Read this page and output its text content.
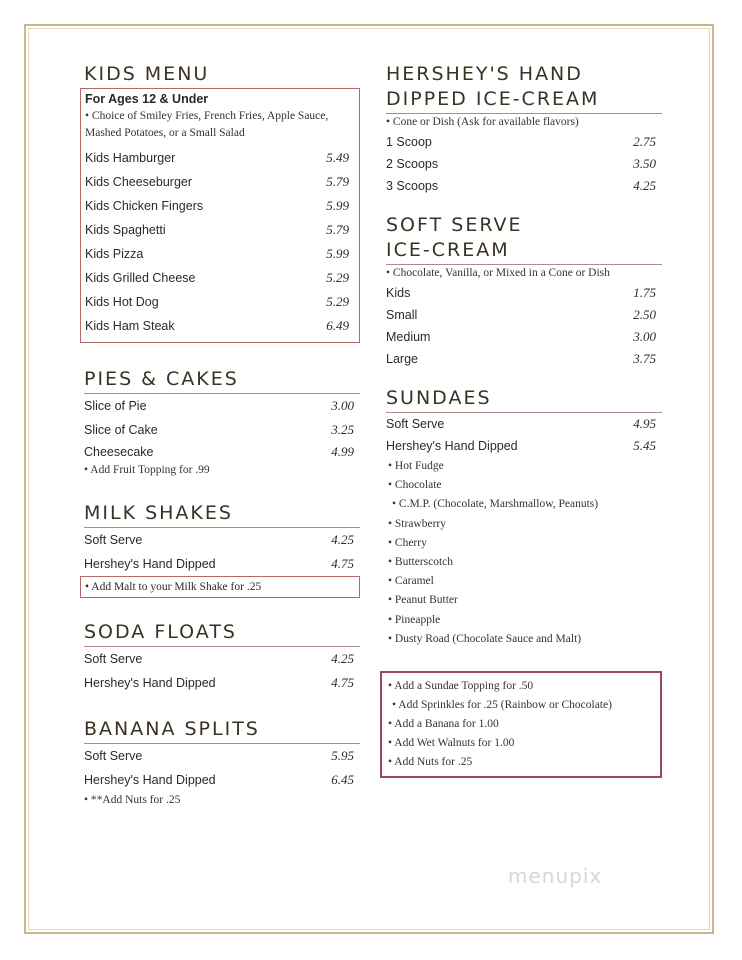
KIDS MENU
For Ages 12 & Under
• Choice of Smiley Fries, French Fries, Apple Sauce, Mashed Potatoes, or a Small Salad
Kids Hamburger	5.49
Kids Cheeseburger	5.79
Kids Chicken Fingers	5.99
Kids Spaghetti	5.79
Kids Pizza	5.99
Kids Grilled Cheese	5.29
Kids Hot Dog	5.29
Kids Ham Steak	6.49
PIES & CAKES
Slice of Pie	3.00
Slice of Cake	3.25
Cheesecake	4.99
• Add Fruit Topping for .99
MILK SHAKES
Soft Serve	4.25
Hershey's Hand Dipped	4.75
• Add Malt to your Milk Shake for .25
SODA FLOATS
Soft Serve	4.25
Hershey's Hand Dipped	4.75
BANANA SPLITS
Soft Serve	5.95
Hershey's Hand Dipped	6.45
• **Add Nuts for .25
HERSHEY'S HAND
DIPPED ICE-CREAM
• Cone or Dish (Ask for available flavors)
1 Scoop	2.75
2 Scoops	3.50
3 Scoops	4.25
SOFT SERVE
ICE-CREAM
• Chocolate, Vanilla, or Mixed in a Cone or Dish
Kids	1.75
Small	2.50
Medium	3.00
Large	3.75
SUNDAES
Soft Serve	4.95
Hershey's Hand Dipped	5.45
• Hot Fudge
• Chocolate
• C.M.P. (Chocolate, Marshmallow, Peanuts)
• Strawberry
• Cherry
• Butterscotch
• Caramel
• Peanut Butter
• Pineapple
• Dusty Road (Chocolate Sauce and Malt)
• Add a Sundae Topping for .50
• Add Sprinkles for .25 (Rainbow or Chocolate)
• Add a Banana for 1.00
• Add Wet Walnuts for 1.00
• Add Nuts for .25
menupix
